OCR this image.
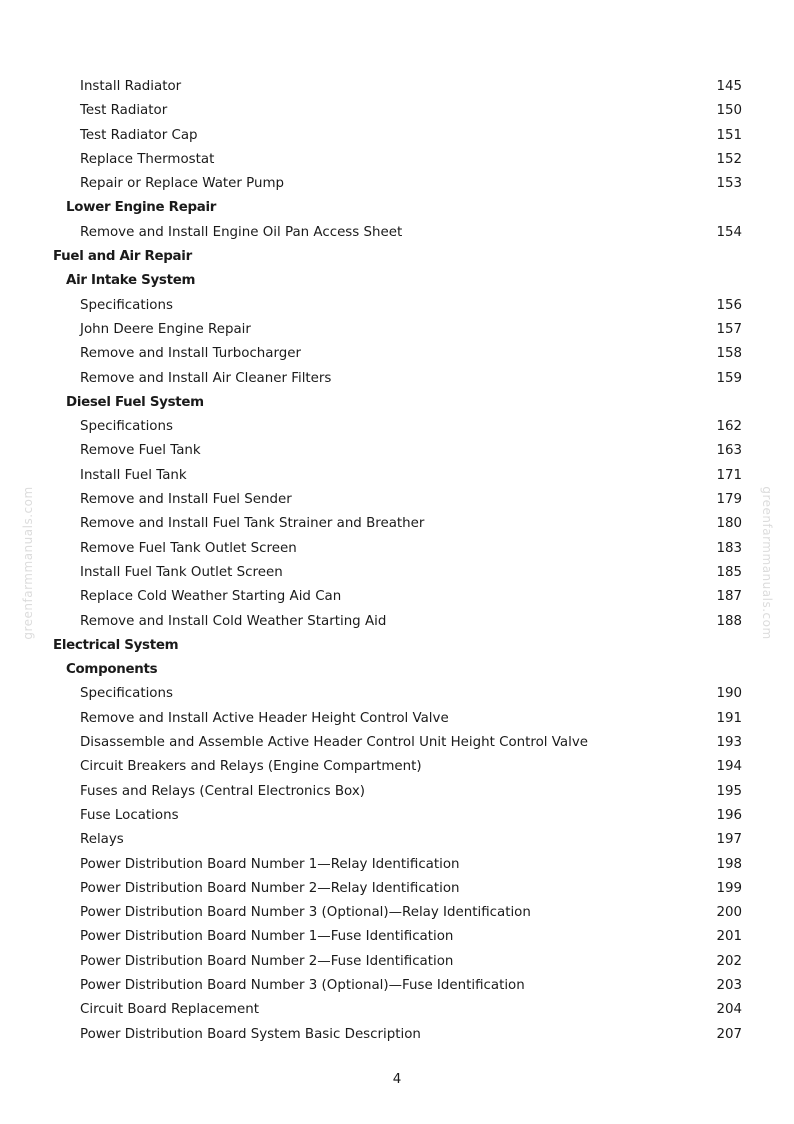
Install Radiator	145
Test Radiator	150
Test Radiator Cap	151
Replace Thermostat	152
Repair or Replace Water Pump	153
Lower Engine Repair
Remove and Install Engine Oil Pan Access Sheet	154
Fuel and Air Repair
Air Intake System
Specifications	156
John Deere Engine Repair	157
Remove and Install Turbocharger	158
Remove and Install Air Cleaner Filters	159
Diesel Fuel System
Specifications	162
Remove Fuel Tank	163
Install Fuel Tank	171
Remove and Install Fuel Sender	179
Remove and Install Fuel Tank Strainer and Breather	180
Remove Fuel Tank Outlet Screen	183
Install Fuel Tank Outlet Screen	185
Replace Cold Weather Starting Aid Can	187
Remove and Install Cold Weather Starting Aid	188
Electrical System
Components
Specifications	190
Remove and Install Active Header Height Control Valve	191
Disassemble and Assemble Active Header Control Unit Height Control Valve	193
Circuit Breakers and Relays (Engine Compartment)	194
Fuses and Relays (Central Electronics Box)	195
Fuse Locations	196
Relays	197
Power Distribution Board Number 1—Relay Identification	198
Power Distribution Board Number 2—Relay Identification	199
Power Distribution Board Number 3 (Optional)—Relay Identification	200
Power Distribution Board Number 1—Fuse Identification	201
Power Distribution Board Number 2—Fuse Identification	202
Power Distribution Board Number 3 (Optional)—Fuse Identification	203
Circuit Board Replacement	204
Power Distribution Board System Basic Description	207
4
greenfarmmanuals.com	greenfarmmanuals.com
